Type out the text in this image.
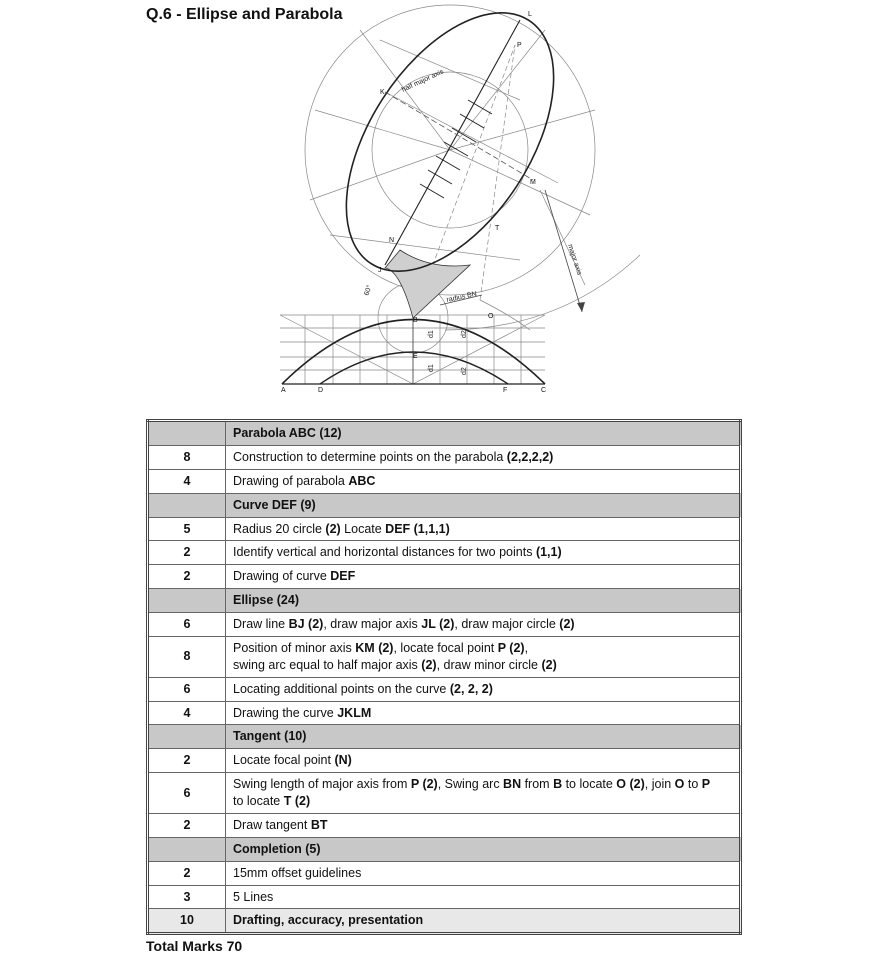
Q.6 - Ellipse and Parabola	L
P
K
M
N
T
J
B
O
E
A	D	F	C
half major axis
major axis
radius BN
60°
d1	d2
d1	d2
	Parabola ABC (12)
8	Construction to determine points on the parabola (2,2,2,2)
4	Drawing of parabola ABC
	Curve DEF (9)
5	Radius 20 circle (2) Locate DEF (1,1,1)
2	Identify vertical and horizontal distances for two points (1,1)
2	Drawing of curve DEF
	Ellipse (24)
6	Draw line BJ (2), draw major axis JL (2), draw major circle (2)
8	Position of minor axis KM (2), locate focal point P (2),
swing arc equal to half major axis (2), draw minor circle (2)
6	Locating additional points on the curve (2, 2, 2)
4	Drawing the curve JKLM
	Tangent (10)
2	Locate focal point (N)
6	Swing length of major axis from P (2), Swing arc BN from B to locate O (2), join O to P
to locate T (2)
2	Draw tangent BT
	Completion (5)
2	15mm offset guidelines
3	5 Lines
10	Drafting, accuracy, presentation
Total Marks 70
